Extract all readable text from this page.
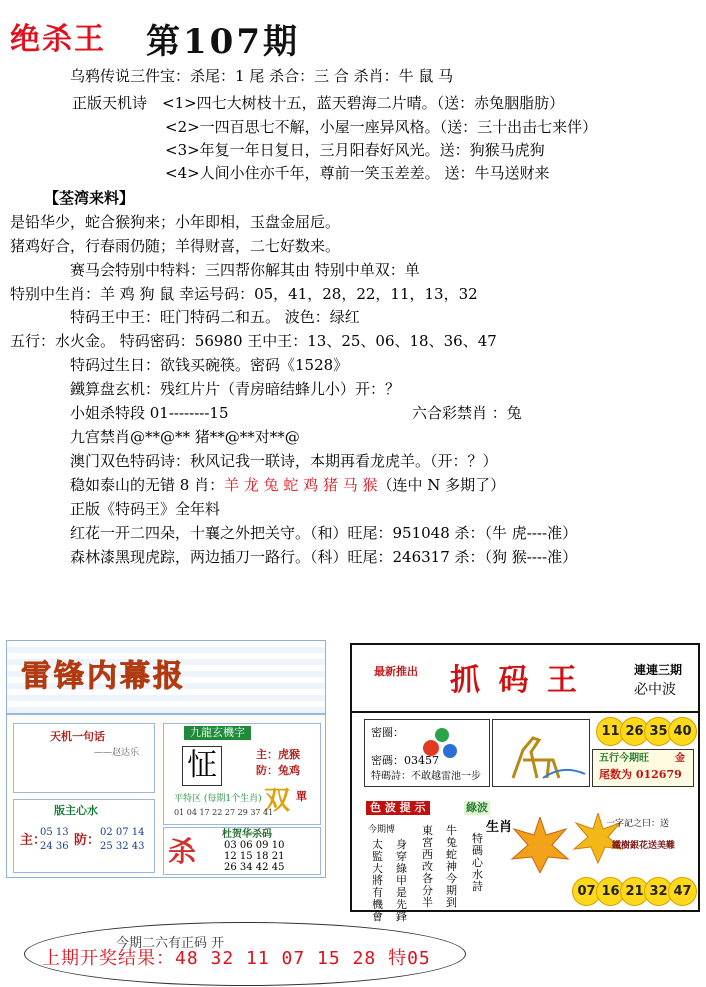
绝杀王 第107期
乌鸦传说三件宝：杀尾：1 尾 杀合：三 合 杀肖：牛 鼠 马
正版天机诗　<1>四七大树枝十五，蓝天碧海二片晴。（送：赤兔胭脂肪）
<2>一四百思七不解，小屋一座异风格。（送：三十出击七来伴）
<3>年复一年日复日，三月阳春好风光。送：狗猴马虎狗
<4>人间小住亦千年，尊前一笑玉差差。 送：牛马送财来
【荃湾来料】
是铅华少，蛇合猴狗来；小年即相，玉盘金屈卮。
猪鸡好合，行春雨仍随；羊得财喜，二七好数来。
赛马会特别中特料：三四帮你解其由 特别中单双：单
特别中生肖：羊 鸡 狗 鼠 幸运号码：05，41，28，22，11，13，32
特码王中王：旺门特码二和五。 波色：绿红
五行：水火金。 特码密码：56980 王中王：13、25、06、18、36、47
特码过生日：欲钱买碗筷。密码《1528》
鐵算盘玄机：残红片片（青房暗结蜂儿小）开：？
小姐杀特段 01--------15	六合彩禁肖 ：兔
九宫禁肖@**@** 猪**@**对**@
澳门双色特码诗：秋风记我一联诗，本期再看龙虎羊。（开：？）
稳如泰山的无错 8 肖：羊 龙 兔 蛇 鸡 猪 马 猴（连中 N 多期了）
正版《特码王》全年料
红花一开二四朵，十襄之外把关守。（和）旺尾：951048 杀：（牛 虎----准）
森林漆黑现虎踪，两边插刀一路行。（科）旺尾：246317 杀：（狗 猴----准）
雷锋内幕报
天机一句话
——赵达乐
版主心水
主：
05 13 24 36 防：
02 07 14 25 32 43
九龍玄機字
怔	主：虎猴
防：兔鸡
双 單
平特区 (每期1个生肖)
01 04 17 22 27 29 37 41
杀
杜贺华杀码
03 06 09 10
12 15 18 21
26 34 42 45
最新推出 抓 码 王	連連三期
必中波
密圈：
密碼：03457
特碼詩：不敢越雷池一步
11 26 35 40
五行今期旺	金
尾数为 012679
色 波 提 示	綠波
今期博
太監大將有機會
身穿綠甲是先鋒
東宮西改各分半
牛兔蛇神今期到
特碼心水詩
生肖	一字記之曰：送
鐵樹銀花送美難
07 16 21 32 47
今期二六有正码 开
上期开奖结果：48 32 11 07 15 28 特05
